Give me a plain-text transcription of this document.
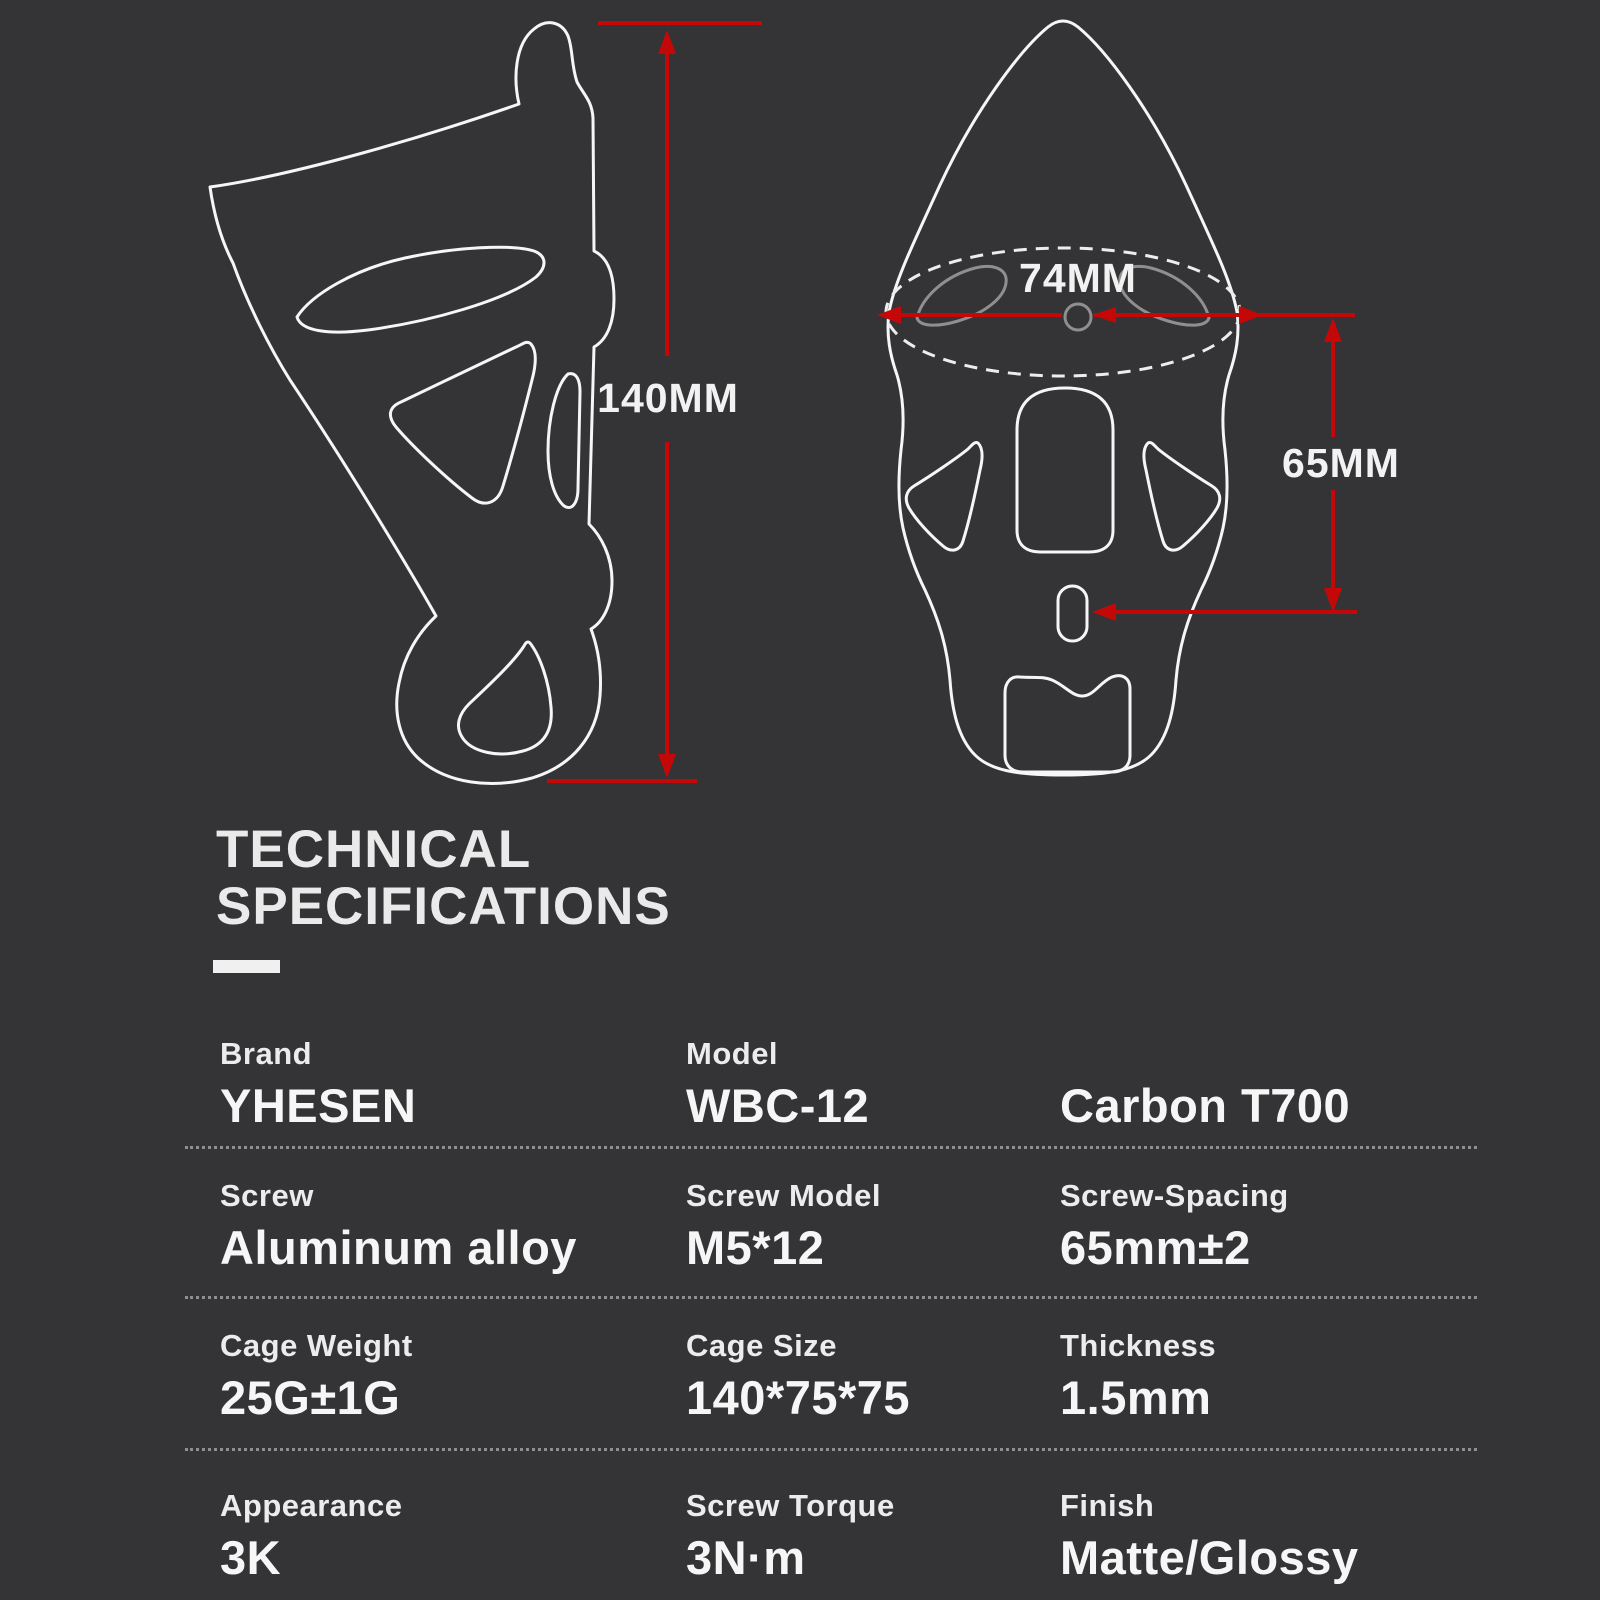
140MM
74MM
65MM
TECHNICAL
SPECIFICATIONS
Brand
YHESEN
Model
WBC-12	Carbon T700
Screw
Aluminum alloy
Screw Model
M5*12
Screw-Spacing
65mm±2
Cage Weight
25G±1G
Cage Size
140*75*75
Thickness
1.5mm
Appearance
3K
Screw Torque
3N·m
Finish
Matte/Glossy
